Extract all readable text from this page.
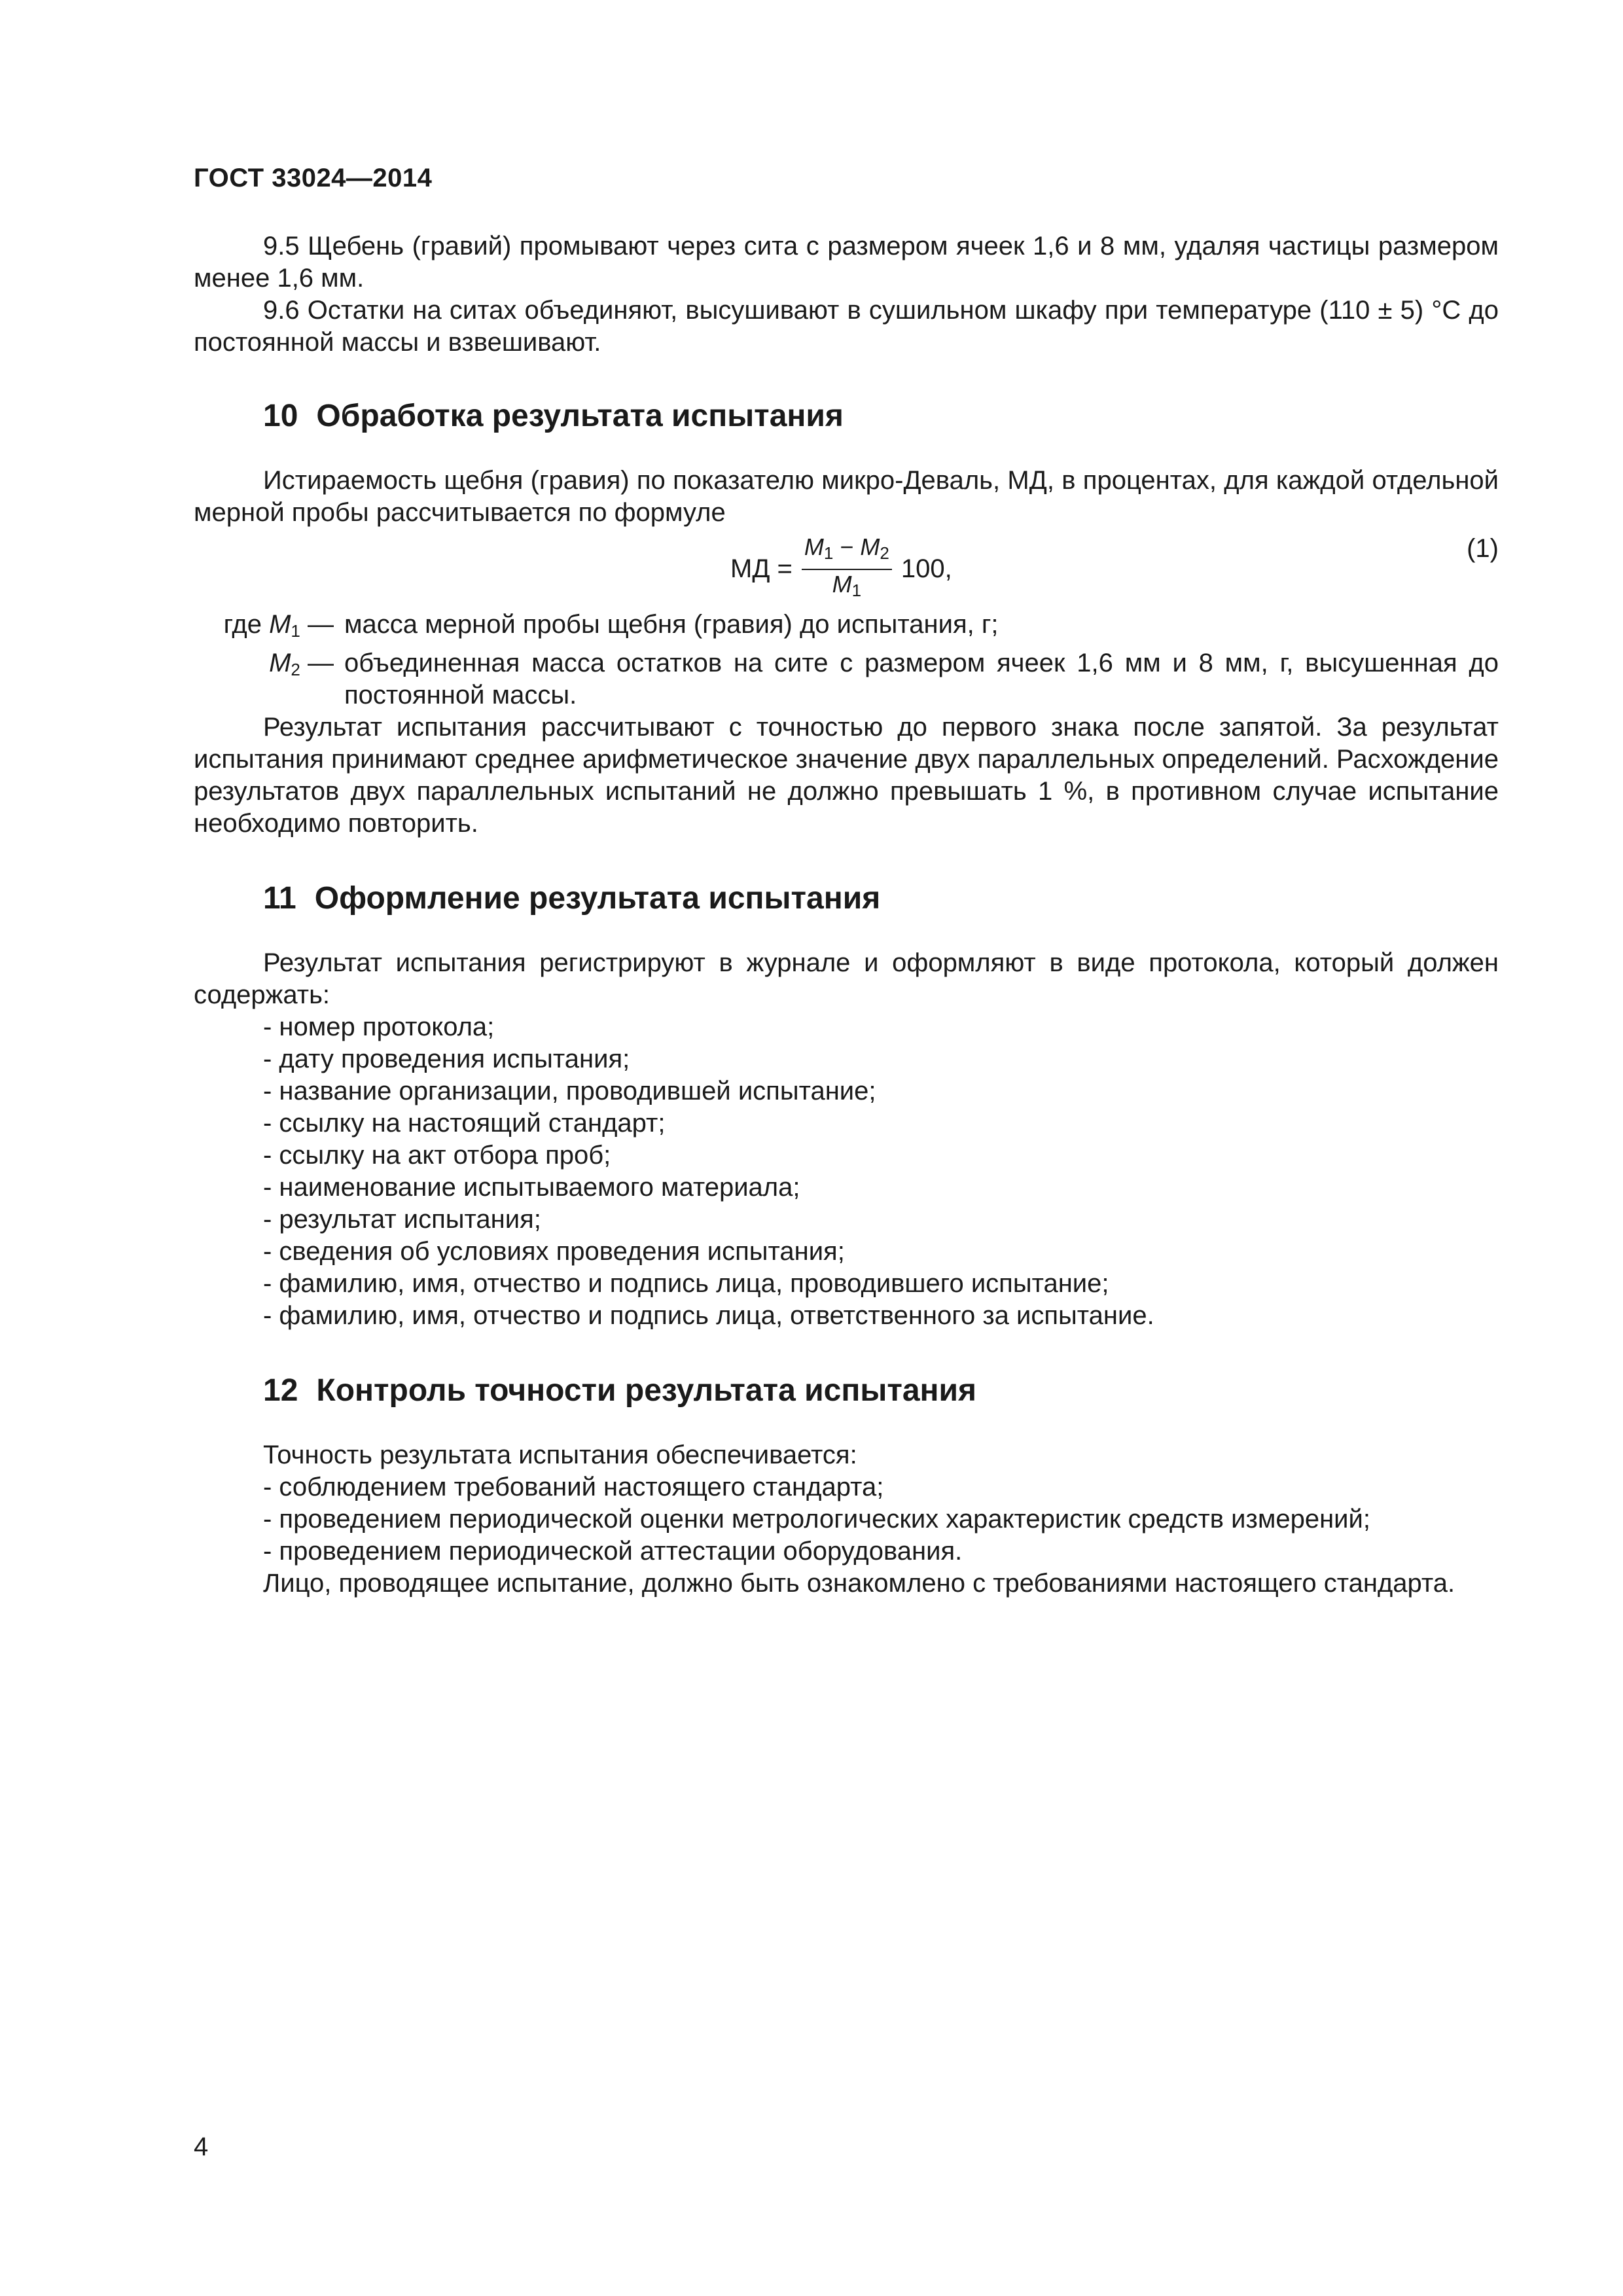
ГОСТ 33024—2014

9.5 Щебень (гравий) промывают через сита с размером ячеек 1,6 и 8 мм, удаляя частицы размером менее 1,6 мм.

9.6 Остатки на ситах объединяют, высушивают в сушильном шкафу при температуре (110 ± 5) °C до постоянной массы и взвешивают.

10 Обработка результата испытания

Истираемость щебня (гравия) по показателю микро-Деваль, МД, в процентах, для каждой отдельной мерной пробы рассчитывается по формуле

МД = $\frac{M_1 - M_2}{M_1} 100$,
(1)
где $M_1$ — масса мерной пробы щебня (гравия) до испытания, г;
$M_2$ — объединенная масса остатков на сите с размером ячеек 1,6 мм и 8 мм, г, высушенная до постоянной массы.

Результат испытания рассчитывают с точностью до первого знака после запятой. За результат испытания принимают среднее арифметическое значение двух параллельных определений. Расхождение результатов двух параллельных испытаний не должно превышать 1 %, в противном случае испытание необходимо повторить.

11 Оформление результата испытания

Результат испытания регистрируют в журнале и оформляют в виде протокола, который должен содержать:

- номер протокола;
- дату проведения испытания;
- название организации, проводившей испытание;
- ссылку на настоящий стандарт;
- ссылку на акт отбора проб;
- наименование испытываемого материала;
- результат испытания;
- сведения об условиях проведения испытания;
- фамилию, имя, отчество и подпись лица, проводившего испытание;
- фамилию, имя, отчество и подпись лица, ответственного за испытание.
12 Контроль точности результата испытания

Точность результата испытания обеспечивается:

- соблюдением требований настоящего стандарта;
- проведением периодической оценки метрологических характеристик средств измерений;
- проведением периодической аттестации оборудования.

Лицо, проводящее испытание, должно быть ознакомлено с требованиями настоящего стандарта.

4
